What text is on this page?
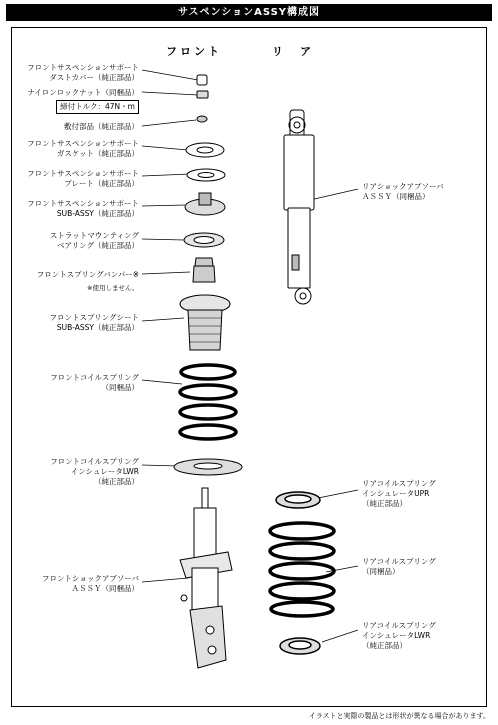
サスペンションASSY構成図
フロント	リ　ア
フロントサスペンションサポート
ダストカバー（純正部品）
ナイロンロックナット（同梱品）
締付トルク：47N・m
敷付部品（純正部品）
フロントサスペンションサポート
ガスケット（純正部品）
フロントサスペンションサポート
プレート（純正部品）
フロントサスペンションサポート
SUB-ASSY（純正部品）
ストラットマウンティング
ベアリング（純正部品）
フロントスプリングバンパー※
※使用しません。
フロントスプリングシート
SUB-ASSY（純正部品）
フロントコイルスプリング
（同梱品）
フロントコイルスプリング
インシュレータLWR
（純正部品）
フロントショックアブソーバ
ＡＳＳＹ（同梱品）
リアショックアブソーバ
ＡＳＳＹ（同梱品）
リアコイルスプリング
インシュレータUPR
（純正部品）
リアコイルスプリング
（同梱品）
リアコイルスプリング
インシュレータLWR
（純正部品）
イラストと実際の製品とは形状が異なる場合があります。
